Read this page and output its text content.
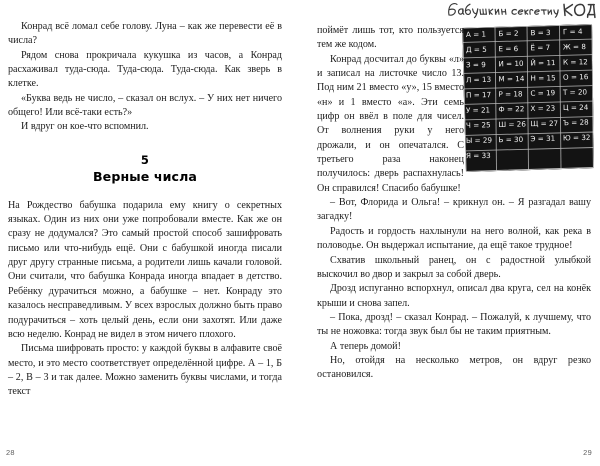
Конрад всё ломал себе голову. Луна – как же перевести её в числа?

Рядом снова прокричала кукушка из часов, а Конрад расхаживал туда-сюда. Туда-сюда. Туда-сюда. Как зверь в клетке.

«Буква ведь не число, – сказал он вслух. – У них нет ничего общего! Или всё-таки есть?»

И вдруг он кое-что вспомнил.

5
Верные числа

На Рождество бабушка подарила ему книгу о секретных языках. Один из них они уже попробовали вместе. Как же он сразу не додумался? Это самый простой способ зашифровать письмо или что-нибудь ещё. Они с бабушкой иногда писали друг другу странные письма, а родители лишь качали головой. Они считали, что бабушка Конрада иногда впадает в детство. Ребёнку дурачиться можно, а бабушке – нет. Конраду это казалось несправедливым. У всех взрослых должно быть право подурачиться – хоть целый день, если они захотят. Или даже всю неделю. Конрад не видел в этом ничего плохого.

Письма шифровать просто: у каждой буквы в алфавите своё место, и это место соответствует определённой цифре. А – 1, Б – 2, В – 3 и так далее. Можно заменить буквы числами, и тогда текст

28
А = 1 Б = 2 В = 3 Г = 4
Д = 5 Е = 6 Ё = 7 Ж = 8
З = 9 И = 10 Й = 11 К = 12
Л = 13 М = 14 Н = 15 О = 16
П = 17 Р = 18 С = 19 Т = 20
У = 21 Ф = 22 Х = 23 Ц = 24
Ч = 25 Ш = 26 Щ = 27 Ъ = 28
Ы = 29 Ь = 30 Э = 31 Ю = 32
Я = 33

поймёт лишь тот, кто пользуется тем же кодом.

Конрад досчитал до буквы «л» и записал на листочке число 13. Под ним 21 вместо «у», 15 вместо «н» и 1 вместо «а». Эти семь цифр он ввёл в поле для чисел. От волнения руки у него дрожали, и он опечатался. С третьего раза наконец получилось: дверь распахнулась! Он справился! Спасибо бабушке!

– Вот, Флорида и Ольга! – крикнул он. – Я разгадал вашу загадку!

Радость и гордость нахлынули на него волной, как река в половодье. Он выдержал испытание, да ещё такое трудное!

Схватив школьный ранец, он с радостной улыбкой выскочил во двор и закрыл за собой дверь.

Дрозд испуганно вспорхнул, описал два круга, сел на конёк крыши и снова запел.

– Пока, дрозд! – сказал Конрад. – Пожалуй, к лучшему, что ты не ножовка: тогда звук был бы не таким приятным.

А теперь домой!

Но, отойдя на несколько метров, он вдруг резко остановился.

29
